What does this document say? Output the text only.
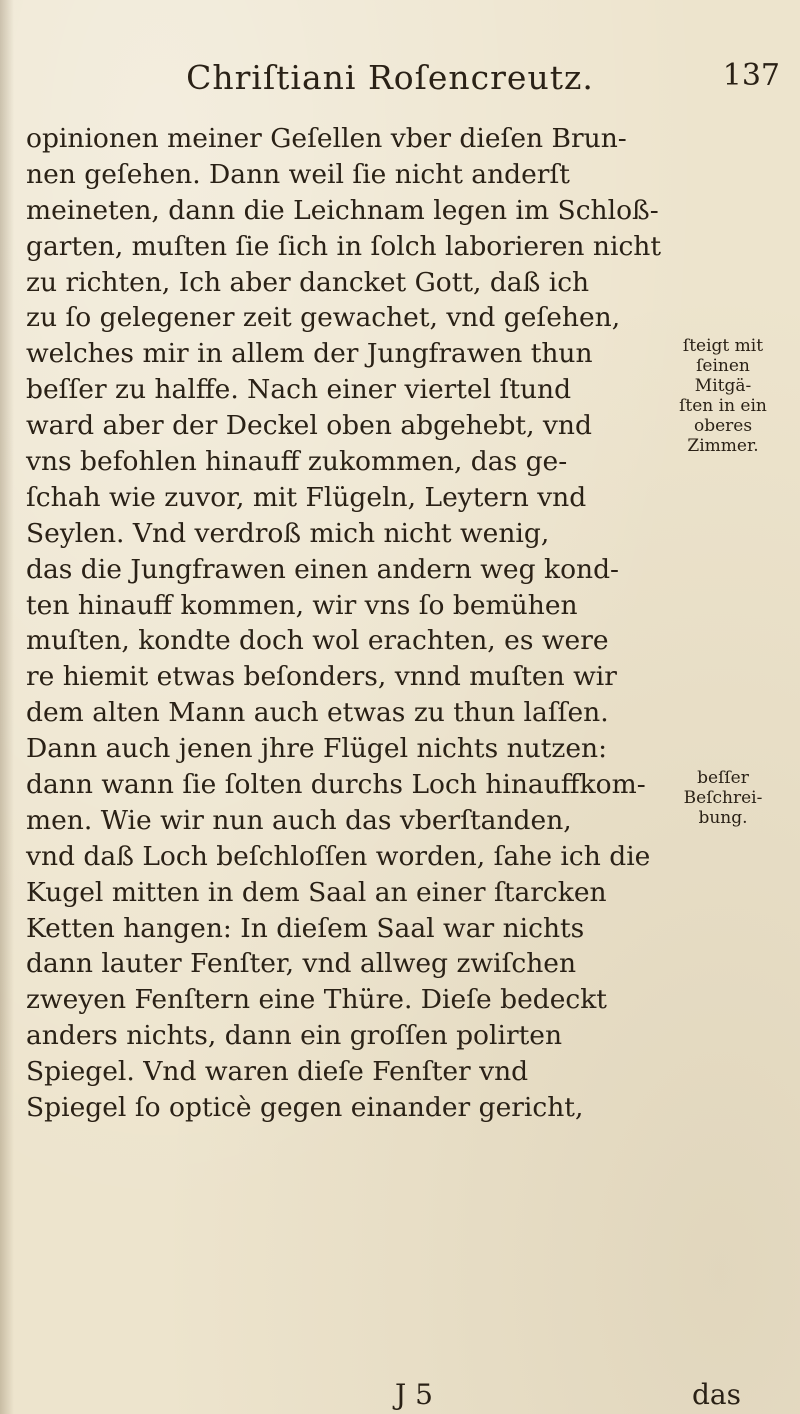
Chriſtiani Roſencreutz.	137
opinionen meiner Geſellen vber dieſen Brun-
nen geſehen. Dann weil ſie nicht anderſt
meineten, dann die Leichnam legen im Schloß-
garten, muſten ſie ſich in ſolch laborieren nicht
zu richten, Ich aber dancket Gott, daß ich
zu ſo gelegener zeit gewachet, vnd geſehen,
welches mir in allem der Jungfrawen thun
beſſer zu halffe. Nach einer viertel ſtund
ward aber der Deckel oben abgehebt, vnd
vns befohlen hinauff zukommen, das ge-
ſchah wie zuvor, mit Flügeln, Leytern vnd
Seylen. Vnd verdroß mich nicht wenig,
das die Jungfrawen einen andern weg kond-
ten hinauff kommen, wir vns ſo bemühen
muſten, kondte doch wol erachten, es were
re hiemit etwas beſonders, vnnd muſten wir
dem alten Mann auch etwas zu thun laſſen.
Dann auch jenen jhre Flügel nichts nutzen:
dann wann ſie ſolten durchs Loch hinauffkom-
men. Wie wir nun auch das vberſtanden,
vnd daß Loch beſchloſſen worden, ſahe ich die
Kugel mitten in dem Saal an einer ſtarcken
Ketten hangen: In dieſem Saal war nichts
dann lauter Fenſter, vnd allweg zwiſchen
zweyen Fenſtern eine Thüre. Dieſe bedeckt
anders nichts, dann ein groſſen polirten
Spiegel. Vnd waren dieſe Fenſter vnd
Spiegel ſo opticè gegen einander gericht,
ſteigt mit
ſeinen
Mitgä-
ſten in ein
oberes
Zimmer.
beſſer
Beſchrei-
bung.
J 5	das
